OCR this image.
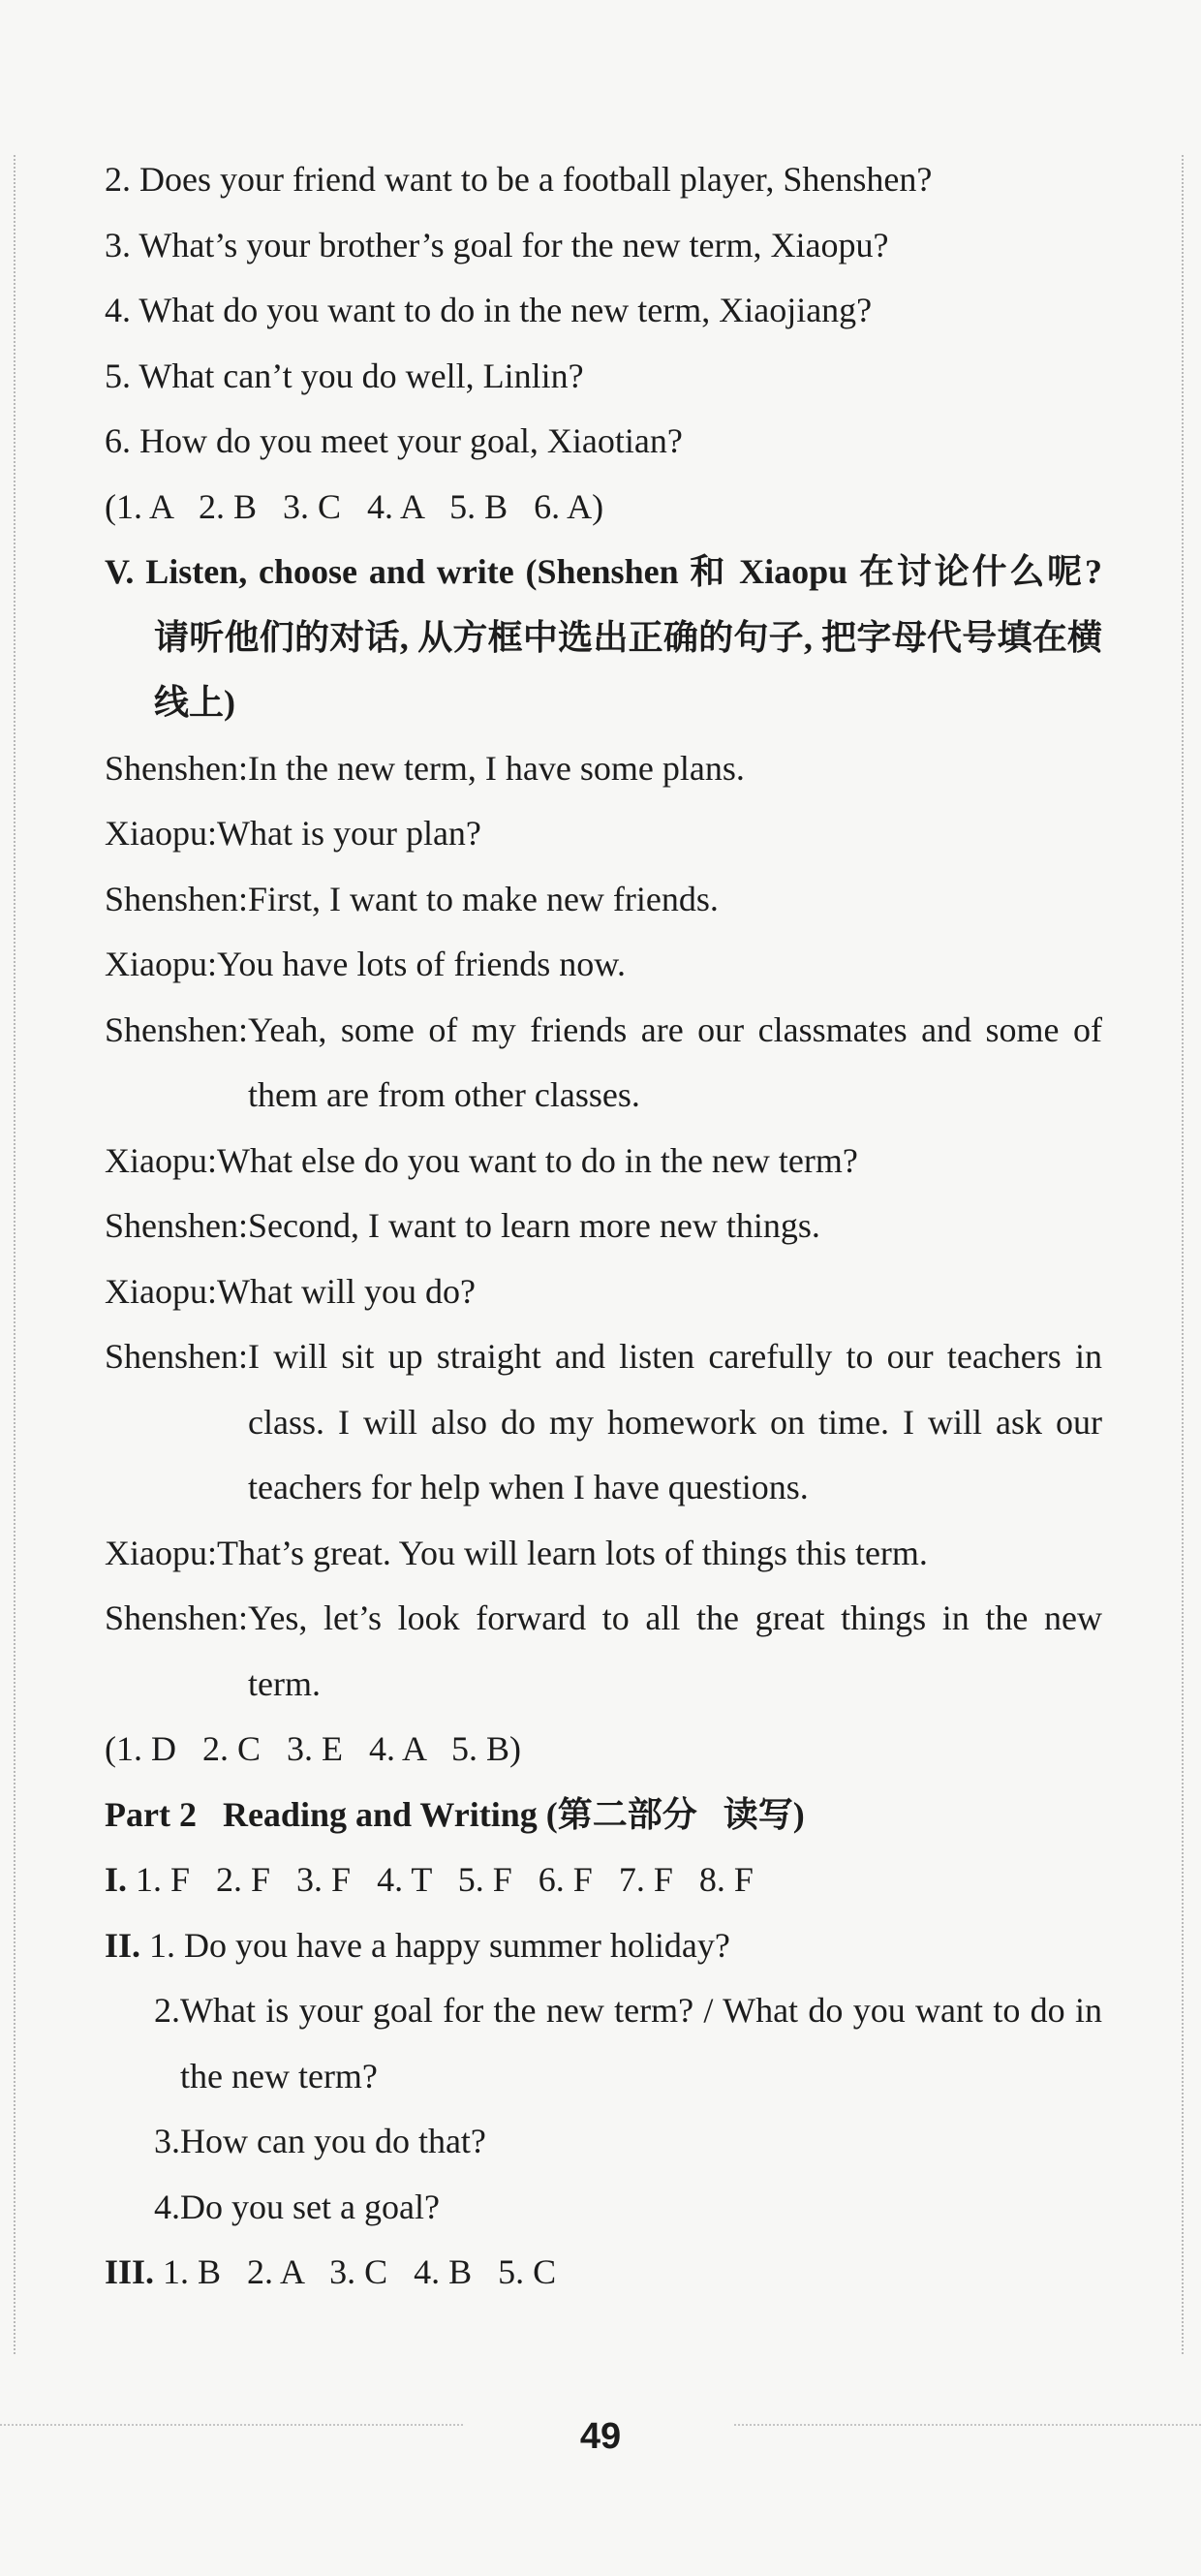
2. Does your friend want to be a football player, Shenshen?
3. What’s your brother’s goal for the new term, Xiaopu?
4. What do you want to do in the new term, Xiaojiang?
5. What can’t you do well, Linlin?
6. How do you meet your goal, Xiaotian?
(1. A   2. B   3. C   4. A   5. B   6. A)
V. Listen, choose and write (Shenshen 和 Xiaopu 在讨论什么呢? 请听他们的对话, 从方框中选出正确的句子, 把字母代号填在横线上)
Shenshen: In the new term, I have some plans.
Xiaopu: What is your plan?
Shenshen: First, I want to make new friends.
Xiaopu: You have lots of friends now.
Shenshen: Yeah, some of my friends are our classmates and some of them are from other classes.
Xiaopu: What else do you want to do in the new term?
Shenshen: Second, I want to learn more new things.
Xiaopu: What will you do?
Shenshen: I will sit up straight and listen carefully to our teachers in class. I will also do my homework on time. I will ask our teachers for help when I have questions.
Xiaopu: That’s great. You will learn lots of things this term.
Shenshen: Yes, let’s look forward to all the great things in the new term.
(1. D   2. C   3. E   4. A   5. B)
Part 2   Reading and Writing (第二部分   读写)
I. 1. F   2. F   3. F   4. T   5. F   6. F   7. F   8. F
II. 1. Do you have a happy summer holiday?
2. What is your goal for the new term? / What do you want to do in the new term?
3. How can you do that?
4. Do you set a goal?
III. 1. B   2. A   3. C   4. B   5. C
49
